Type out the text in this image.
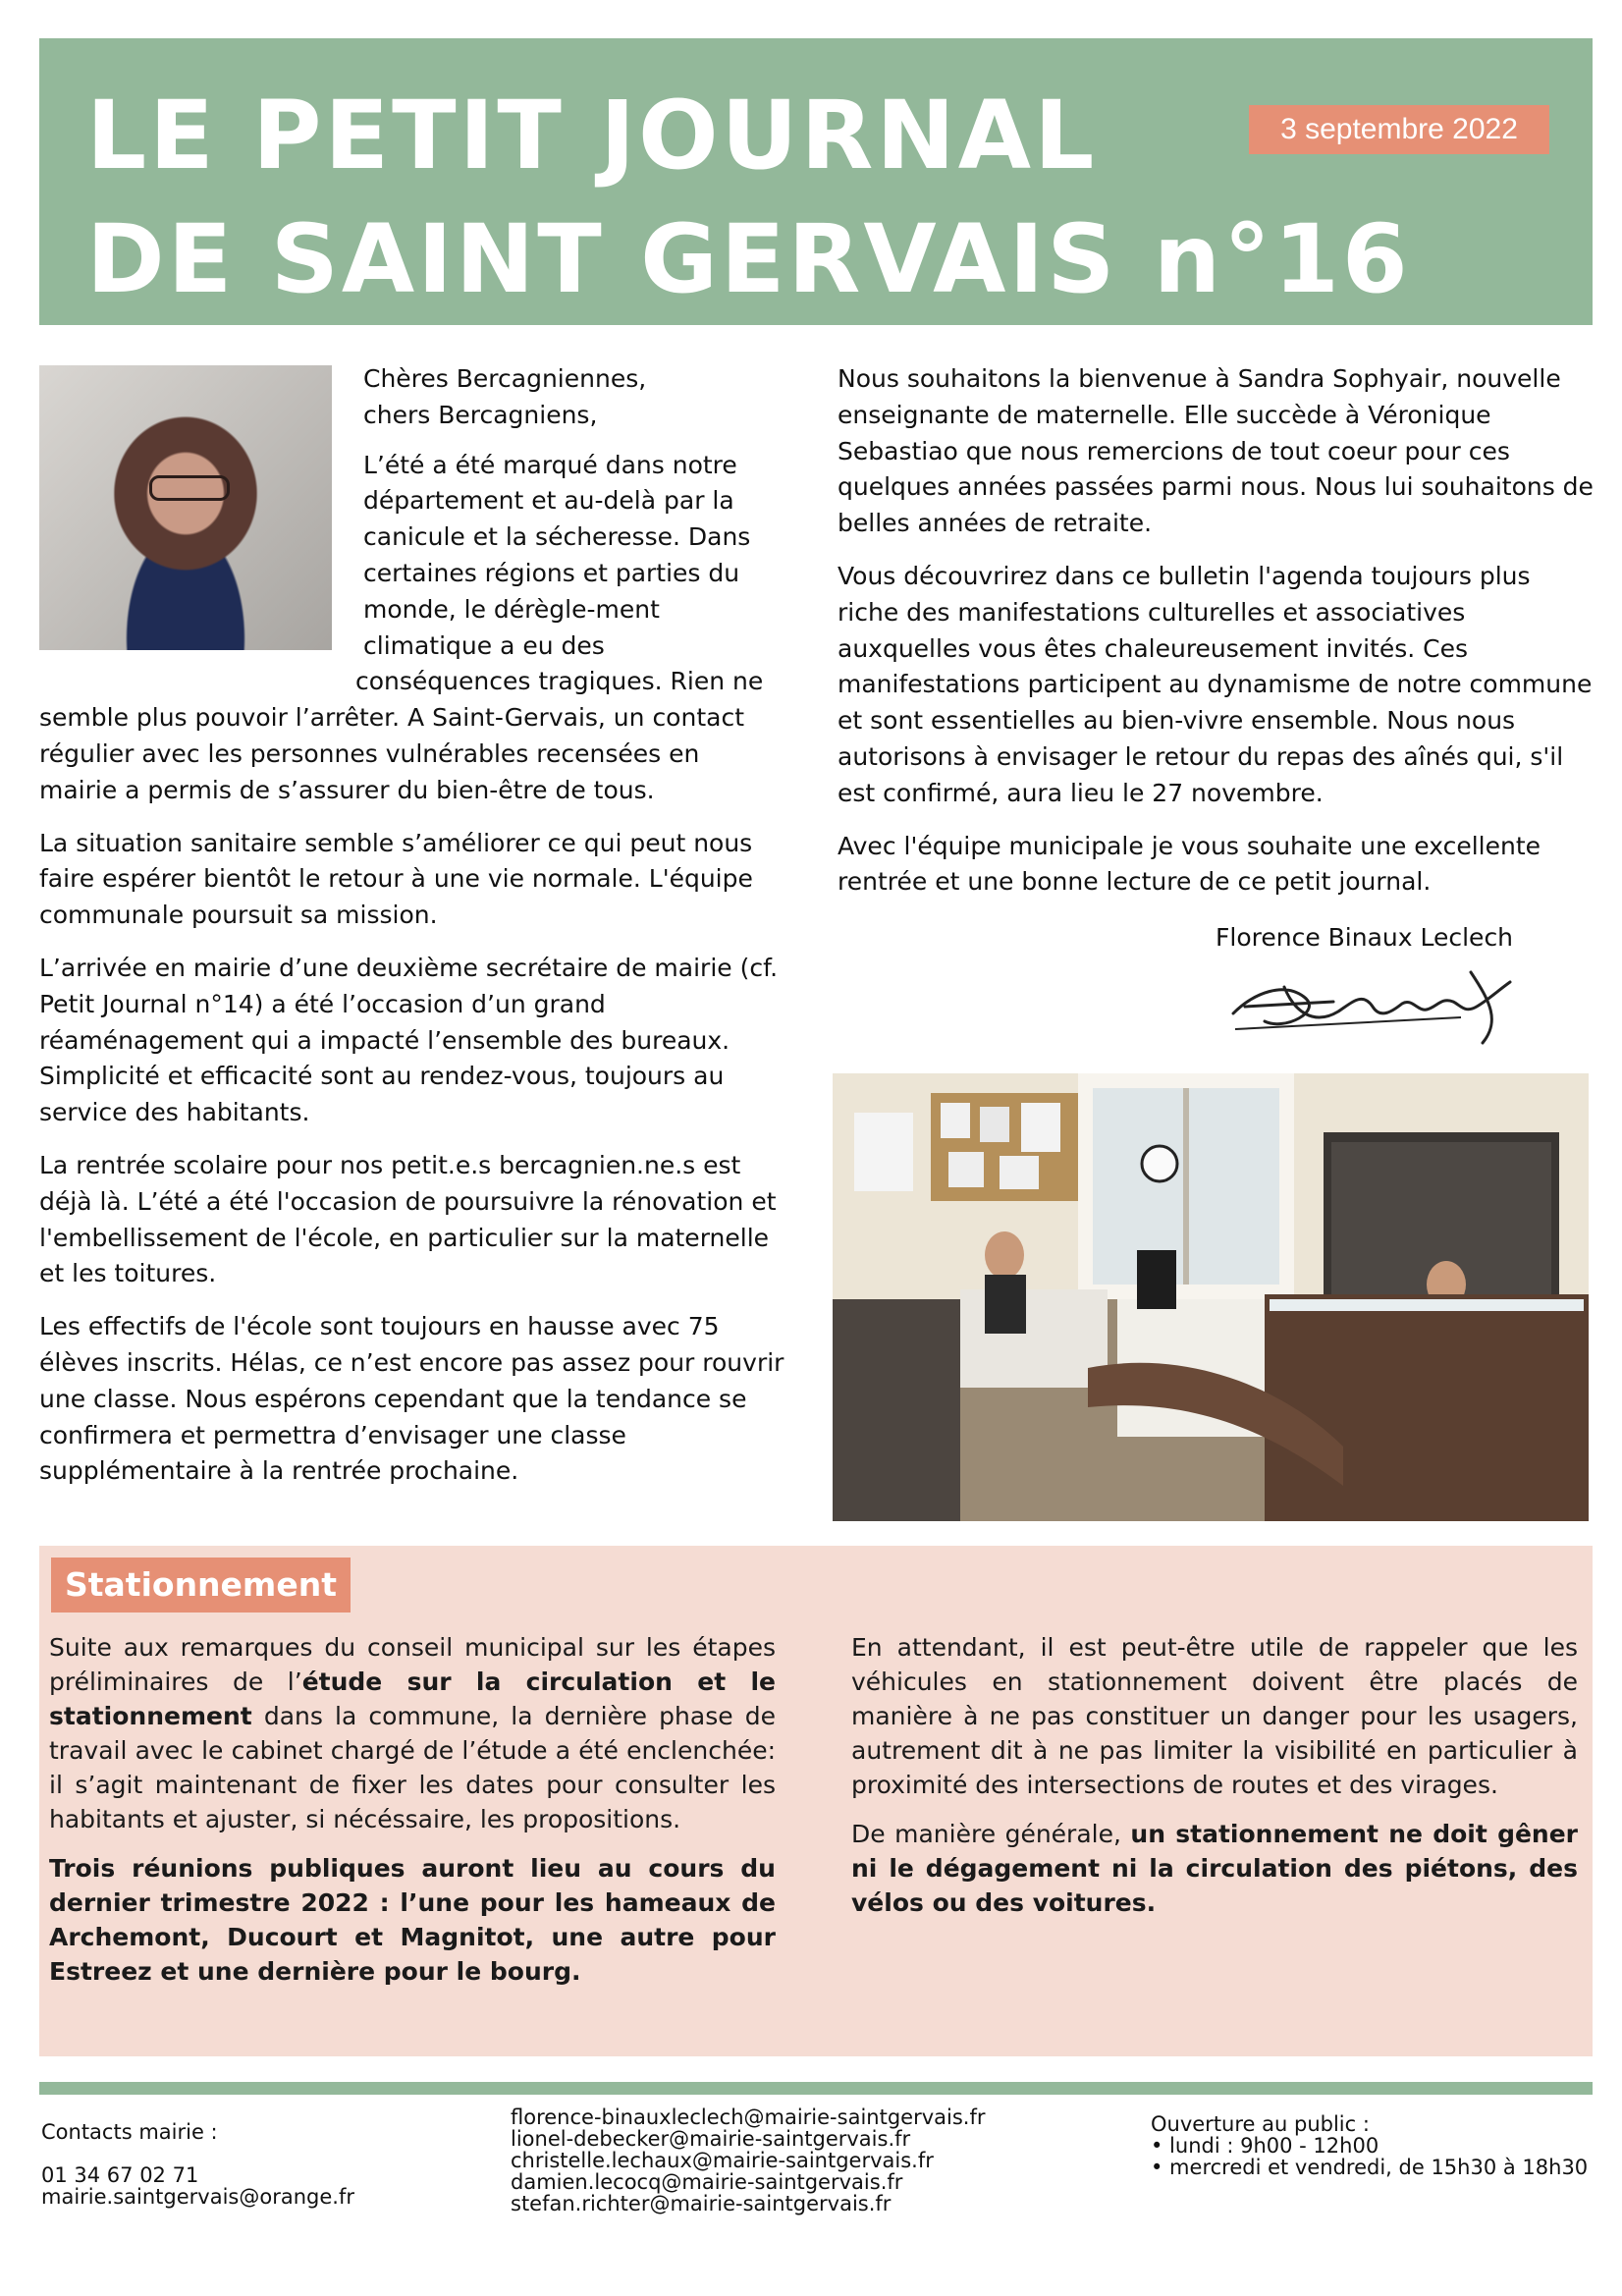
LE PETIT JOURNAL
DE SAINT GERVAIS n°16
3 septembre 2022

Chères Bercagniennes,

chers Bercagniens,

L’été a été marqué dans notre
département et au-delà par la
canicule et la sécheresse. Dans
certaines régions et parties du
monde, le dérègle-ment
climatique a eu des
conséquences tragiques. Rien ne
semble plus pouvoir l’arrêter. A Saint-Gervais, un contact
régulier avec les personnes vulnérables recensées en
mairie a permis de s’assurer du bien-être de tous.

La situation sanitaire semble s’améliorer ce qui peut nous faire espérer bientôt le retour à une vie normale. L'équipe communale poursuit sa mission.

L’arrivée en mairie d’une deuxième secrétaire de mairie (cf. Petit Journal n°14) a été l’occasion d’un grand réaménagement qui a impacté l’ensemble des bureaux. Simplicité et efficacité sont au rendez-vous, toujours au service des habitants.

La rentrée scolaire pour nos petit.e.s bercagnien.ne.s est déjà là. L’été a été l'occasion de poursuivre la rénovation et l'embellissement de l'école, en particulier sur la maternelle et les toitures.

Les effectifs de l'école sont toujours en hausse avec 75 élèves inscrits. Hélas, ce n’est encore pas assez pour rouvrir une classe. Nous espérons cependant que la tendance se confirmera et permettra d’envisager une classe supplémentaire à la rentrée prochaine.

Nous souhaitons la bienvenue à Sandra Sophyair, nouvelle enseignante de maternelle. Elle succède à Véronique Sebastiao que nous remercions de tout coeur pour ces quelques années passées parmi nous. Nous lui souhaitons de belles années de retraite.

Vous découvrirez dans ce bulletin l'agenda toujours plus riche des manifestations culturelles et associatives auxquelles vous êtes chaleureusement invités. Ces manifestations participent au dynamisme de notre commune et sont essentielles au bien-vivre ensemble. Nous nous autorisons à envisager le retour du repas des aînés qui, s'il est confirmé, aura lieu le 27 novembre.

Avec l'équipe municipale je vous souhaite une excellente rentrée et une bonne lecture de ce petit journal.

Florence Binaux Leclech
Stationnement

Suite aux remarques du conseil municipal sur les étapes préliminaires de l’étude sur la circulation et le stationnement dans la commune, la dernière phase de travail avec le cabinet chargé de l’étude a été enclenchée: il s’agit maintenant de fixer les dates pour consulter les habitants et ajuster, si nécéssaire, les propositions.

Trois réunions publiques auront lieu au cours du dernier trimestre 2022 : l’une pour les hameaux de Archemont, Ducourt et Magnitot, une autre pour Estreez et une dernière pour le bourg.

En attendant, il est peut-être utile de rappeler que les véhicules en stationnement doivent être placés de manière à ne pas constituer un danger pour les usagers, autrement dit à ne pas limiter la visibilité en particulier à proximité des intersections de routes et des virages.

De manière générale, un stationnement ne doit gêner ni le dégagement ni la circulation des piétons, des vélos ou des voitures.

Contacts mairie :
01 34 67 02 71
mairie.saintgervais@orange.fr
florence-binauxleclech@mairie-saintgervais.fr
lionel-debecker@mairie-saintgervais.fr
christelle.lechaux@mairie-saintgervais.fr
damien.lecocq@mairie-saintgervais.fr
stefan.richter@mairie-saintgervais.fr
Ouverture au public :
• lundi : 9h00 - 12h00
• mercredi et vendredi, de 15h30 à 18h30
